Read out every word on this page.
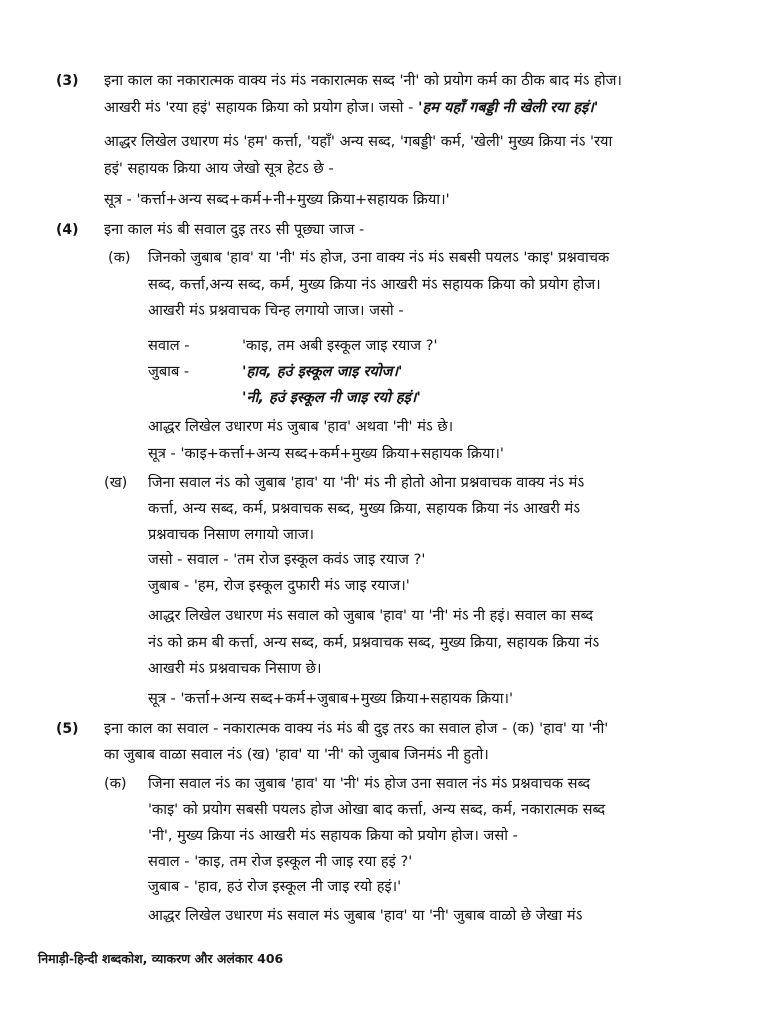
(3) इना काल का नकारात्मक वाक्य नंऽ मंऽ नकारात्मक सब्द 'नी' को प्रयोग कर्म का ठीक बाद मंऽ होज।
आखरी मंऽ 'रया हइं' सहायक क्रिया को प्रयोग होज। जसो - 'हम यहाँ गबड्डी नी खेली रया हइं।'
आद्धर लिखेल उधारण मंऽ 'हम' कर्त्ता, 'यहाँ' अन्य सब्द, 'गबड्डी' कर्म, 'खेली' मुख्य क्रिया नंऽ 'रया
हइं' सहायक क्रिया आय जेखो सूत्र हेटऽ छे -
सूत्र - 'कर्त्ता+अन्य सब्द+कर्म+नी+मुख्य क्रिया+सहायक क्रिया।'
(4) इना काल मंऽ बी सवाल दुइ तरऽ सी पूछ्या जाज -
(क) जिनको जुबाब 'हाव' या 'नी' मंऽ होज, उना वाक्य नंऽ मंऽ सबसी पयलऽ 'काइ' प्रश्नवाचक
सब्द, कर्त्ता,अन्य सब्द, कर्म, मुख्य क्रिया नंऽ आखरी मंऽ सहायक क्रिया को प्रयोग होज।
आखरी मंऽ प्रश्नवाचक चिन्ह लगायो जाज। जसो -
सवाल -	'काइ, तम अबी इस्कूल जाइ रयाज ?'
जुबाब -	'हाव, हउं इस्कूल जाइ रयोज।'
'नी, हउं इस्कूल नी जाइ रयो हइं।'
आद्धर लिखेल उधारण मंऽ जुबाब 'हाव' अथवा 'नी' मंऽ छे।
सूत्र - 'काइ+कर्त्ता+अन्य सब्द+कर्म+मुख्य क्रिया+सहायक क्रिया।'
(ख) जिना सवाल नंऽ को जुबाब 'हाव' या 'नी' मंऽ नी होतो ओना प्रश्नवाचक वाक्य नंऽ मंऽ
कर्त्ता, अन्य सब्द, कर्म, प्रश्नवाचक सब्द, मुख्य क्रिया, सहायक क्रिया नंऽ आखरी मंऽ
प्रश्नवाचक निसाण लगायो जाज।
जसो - सवाल - 'तम रोज इस्कूल कवंऽ जाइ रयाज ?'
जुबाब - 'हम, रोज इस्कूल दुफारी मंऽ जाइ रयाज।'
आद्धर लिखेल उधारण मंऽ सवाल को जुबाब 'हाव' या 'नी' मंऽ नी हइं। सवाल का सब्द
नंऽ को क्रम बी कर्त्ता, अन्य सब्द, कर्म, प्रश्नवाचक सब्द, मुख्य क्रिया, सहायक क्रिया नंऽ
आखरी मंऽ प्रश्नवाचक निसाण छे।
सूत्र - 'कर्त्ता+अन्य सब्द+कर्म+जुबाब+मुख्य क्रिया+सहायक क्रिया।'
(5) इना काल का सवाल - नकारात्मक वाक्य नंऽ मंऽ बी दुइ तरऽ का सवाल होज - (क) 'हाव' या 'नी'
का जुबाब वाळा सवाल नंऽ (ख) 'हाव' या 'नी' को जुबाब जिनमंऽ नी हुतो।
(क) जिना सवाल नंऽ का जुबाब 'हाव' या 'नी' मंऽ होज उना सवाल नंऽ मंऽ प्रश्नवाचक सब्द
'काइ' को प्रयोग सबसी पयलऽ होज ओखा बाद कर्त्ता, अन्य सब्द, कर्म, नकारात्मक सब्द
'नी', मुख्य क्रिया नंऽ आखरी मंऽ सहायक क्रिया को प्रयोग होज। जसो -
सवाल - 'काइ, तम रोज इस्कूल नी जाइ रया हइं ?'
जुबाब - 'हाव, हउं रोज इस्कूल नी जाइ रयो हइं।'
आद्धर लिखेल उधारण मंऽ सवाल मंऽ जुबाब 'हाव' या 'नी' जुबाब वाळो छे जेखा मंऽ
निमाड़ी-हिन्दी शब्दकोश, व्याकरण और अलंकार 406
